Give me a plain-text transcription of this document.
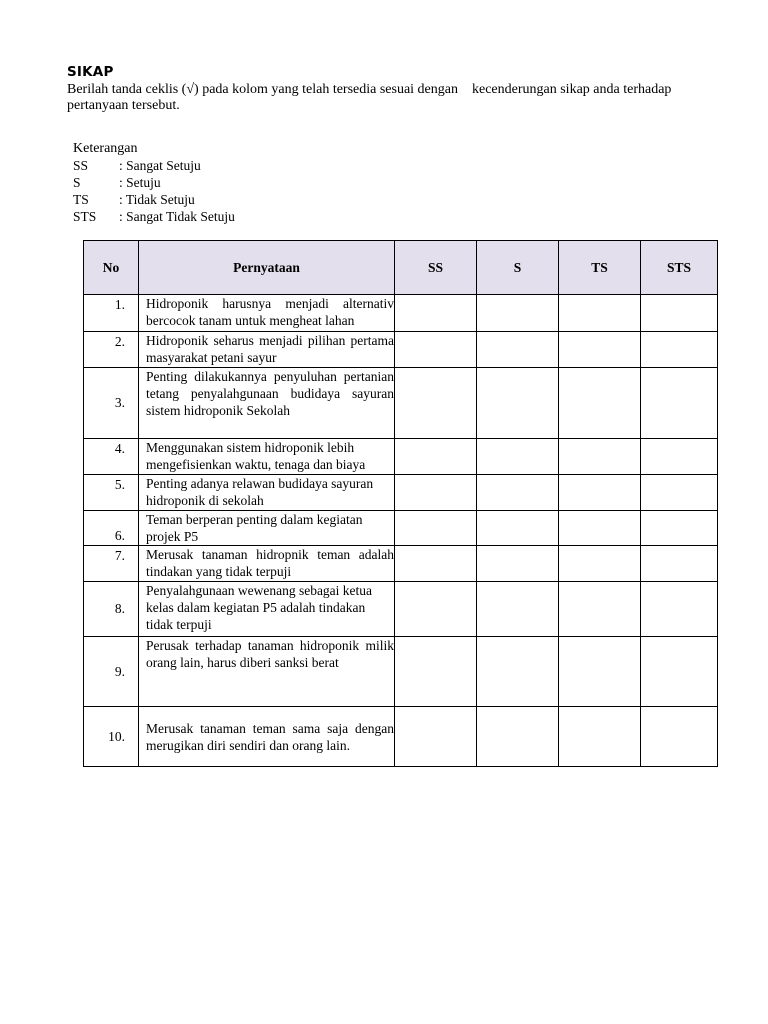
SIKAP
Berilah tanda ceklis (√) pada kolom yang telah tersedia sesuai dengan kecenderungan sikap anda terhadap pertanyaan tersebut.
Keterangan
SS : Sangat Setuju
S	: Setuju
TS : Tidak Setuju
STS : Sangat Tidak Setuju
No	Pernyataan	SS	S	TS	STS
1.	Hidroponik harusnya menjadi alternativ bercocok tanam untuk mengheat lahan				
2.	Hidroponik seharus menjadi pilihan pertama masyarakat petani sayur				
3.	Penting dilakukannya penyuluhan pertanian tetang penyalahgunaan budidaya sayuran sistem hidroponik Sekolah				
4.	Menggunakan sistem hidroponik lebih mengefisienkan waktu, tenaga dan biaya				
5.	Penting adanya relawan budidaya sayuran hidroponik di sekolah				
6.	Teman berperan penting dalam kegiatan projek P5				
7.	Merusak tanaman hidropnik teman adalah tindakan yang tidak terpuji				
8.	Penyalahgunaan wewenang sebagai ketua kelas dalam kegiatan P5 adalah tindakan tidak terpuji				
9.	Perusak terhadap tanaman hidroponik milik orang lain, harus diberi sanksi berat				
10.	Merusak tanaman teman sama saja dengan merugikan diri sendiri dan orang lain.				
